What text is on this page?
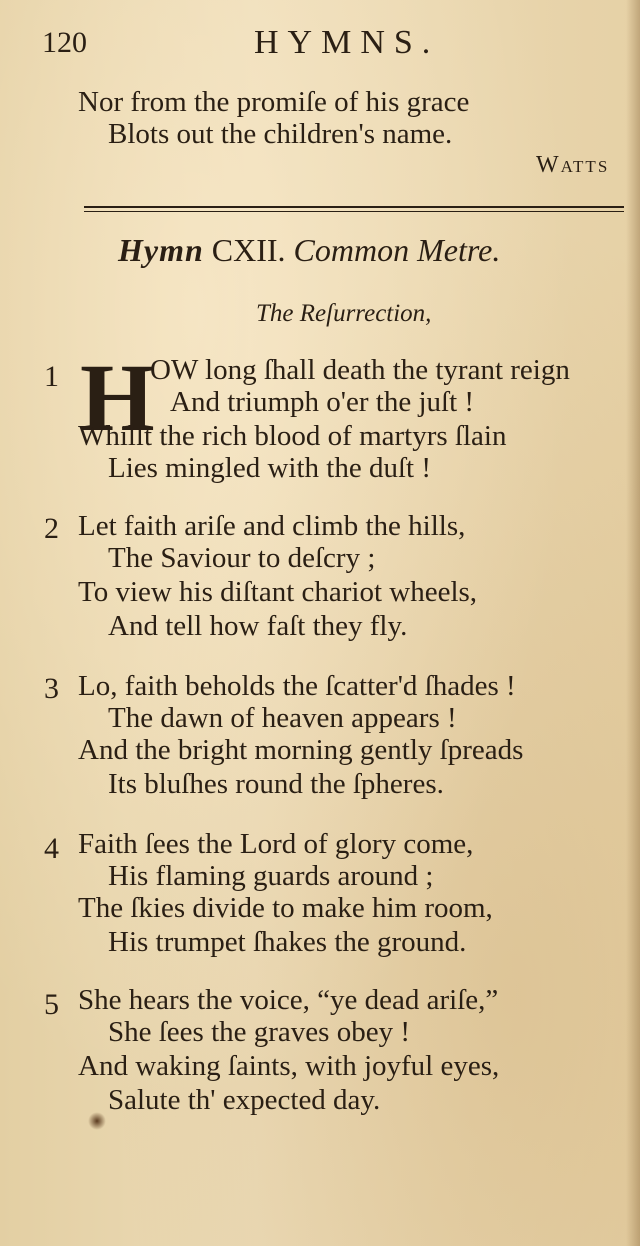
120	HYMNS.
Nor from the promiſe of his grace
Blots out the children's name.
Watts
Hymn CXII. Common Metre.
The Reſurrection,
1 H
OW long ſhall death the tyrant reign
And triumph o'er the juſt !
Whilſt the rich blood of martyrs ſlain
Lies mingled with the duſt !
2 Let faith ariſe and climb the hills,
The Saviour to deſcry ;
To view his diſtant chariot wheels,
And tell how faſt they fly.
3 Lo, faith beholds the ſcatter'd ſhades !
The dawn of heaven appears !
And the bright morning gently ſpreads
Its bluſhes round the ſpheres.
4 Faith ſees the Lord of glory come,
His flaming guards around ;
The ſkies divide to make him room,
His trumpet ſhakes the ground.
5 She hears the voice, “ye dead ariſe,”
She ſees the graves obey !
And waking ſaints, with joyful eyes,
Salute th' expected day.
